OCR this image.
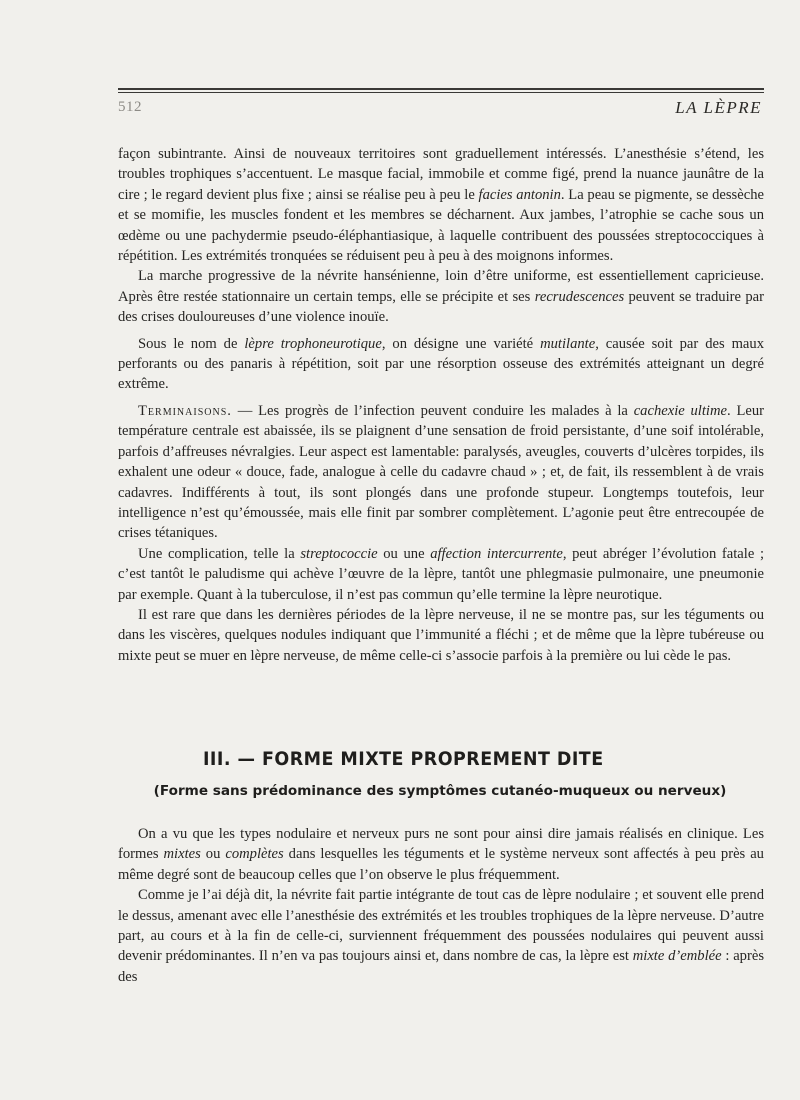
512	LA LÈPRE

façon subintrante. Ainsi de nouveaux territoires sont graduellement intéressés. L’anesthésie s’étend, les troubles trophiques s’accentuent. Le masque facial, immobile et comme figé, prend la nuance jaunâtre de la cire ; le regard devient plus fixe ; ainsi se réalise peu à peu le facies antonin. La peau se pigmente, se dessèche et se momifie, les muscles fondent et les membres se décharnent. Aux jambes, l’atrophie se cache sous un œdème ou une pachydermie pseudo-éléphantiasique, à laquelle contribuent des poussées streptococciques à répétition. Les extrémités tronquées se réduisent peu à peu à des moignons informes.

La marche progressive de la névrite hansénienne, loin d’être uniforme, est essentiellement capricieuse. Après être restée stationnaire un certain temps, elle se précipite et ses recrudescences peuvent se traduire par des crises douloureuses d’une violence inouïe.

Sous le nom de lèpre trophoneurotique, on désigne une variété mutilante, causée soit par des maux perforants ou des panaris à répétition, soit par une résorption osseuse des extrémités atteignant un degré extrême.

Terminaisons. — Les progrès de l’infection peuvent conduire les malades à la cachexie ultime. Leur température centrale est abaissée, ils se plaignent d’une sensation de froid persistante, d’une soif intolérable, parfois d’affreuses névralgies. Leur aspect est lamentable: paralysés, aveugles, couverts d’ulcères torpides, ils exhalent une odeur « douce, fade, analogue à celle du cadavre chaud » ; et, de fait, ils ressemblent à de vrais cadavres. Indifférents à tout, ils sont plongés dans une profonde stupeur. Longtemps toutefois, leur intelligence n’est qu’émoussée, mais elle finit par sombrer complètement. L’agonie peut être entrecoupée de crises tétaniques.

Une complication, telle la streptococcie ou une affection intercurrente, peut abréger l’évolution fatale ; c’est tantôt le paludisme qui achève l’œuvre de la lèpre, tantôt une phlegmasie pulmonaire, une pneumonie par exemple. Quant à la tuberculose, il n’est pas commun qu’elle termine la lèpre neurotique.

Il est rare que dans les dernières périodes de la lèpre nerveuse, il ne se montre pas, sur les téguments ou dans les viscères, quelques nodules indiquant que l’immunité a fléchi ; et de même que la lèpre tubéreuse ou mixte peut se muer en lèpre nerveuse, de même celle-ci s’associe parfois à la première ou lui cède le pas.

III. — FORME MIXTE PROPREMENT DITE
(Forme sans prédominance des symptômes cutanéo-muqueux ou nerveux)

On a vu que les types nodulaire et nerveux purs ne sont pour ainsi dire jamais réalisés en clinique. Les formes mixtes ou complètes dans lesquelles les téguments et le système nerveux sont affectés à peu près au même degré sont de beaucoup celles que l’on observe le plus fréquemment.

Comme je l’ai déjà dit, la névrite fait partie intégrante de tout cas de lèpre nodulaire ; et souvent elle prend le dessus, amenant avec elle l’anesthésie des extrémités et les troubles trophiques de la lèpre nerveuse. D’autre part, au cours et à la fin de celle-ci, surviennent fréquemment des poussées nodulaires qui peuvent aussi devenir prédominantes. Il n’en va pas toujours ainsi et, dans nombre de cas, la lèpre est mixte d’emblée : après des
